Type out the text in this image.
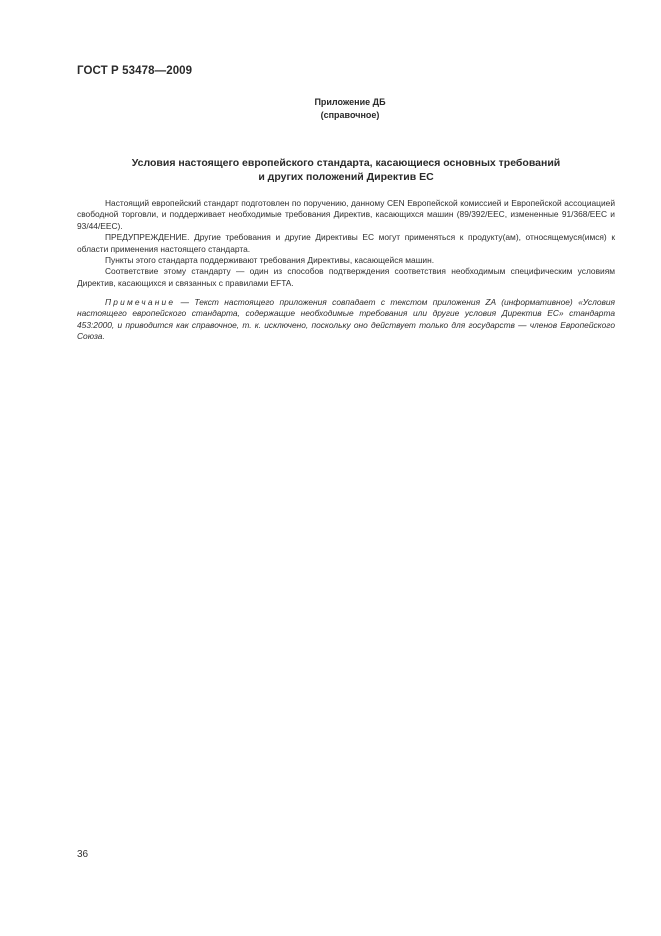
ГОСТ Р 53478—2009
Приложение ДБ
(справочное)
Условия настоящего европейского стандарта, касающиеся основных требований
и других положений Директив ЕС

Настоящий европейский стандарт подготовлен по поручению, данному CEN Европейской комиссией и Европейской ассоциацией свободной торговли, и поддерживает необходимые требования Директив, касающихся машин (89/392/EEC, измененные 91/368/EEC и 93/44/EEC).

ПРЕДУПРЕЖДЕНИЕ. Другие требования и другие Директивы ЕС могут применяться к продукту(ам), относящемуся(имся) к области применения настоящего стандарта.

Пункты этого стандарта поддерживают требования Директивы, касающейся машин.

Соответствие этому стандарту — один из способов подтверждения соответствия необходимым специфическим условиям Директив, касающихся и связанных с правилами EFTA.

Примечание — Текст настоящего приложения совпадает с текстом приложения ZA (информативное) «Условия настоящего европейского стандарта, содержащие необходимые требования или другие условия Директив ЕС» стандарта 453:2000, и приводится как справочное, т. к. исключено, поскольку оно действует только для государств — членов Европейского Союза.

36
